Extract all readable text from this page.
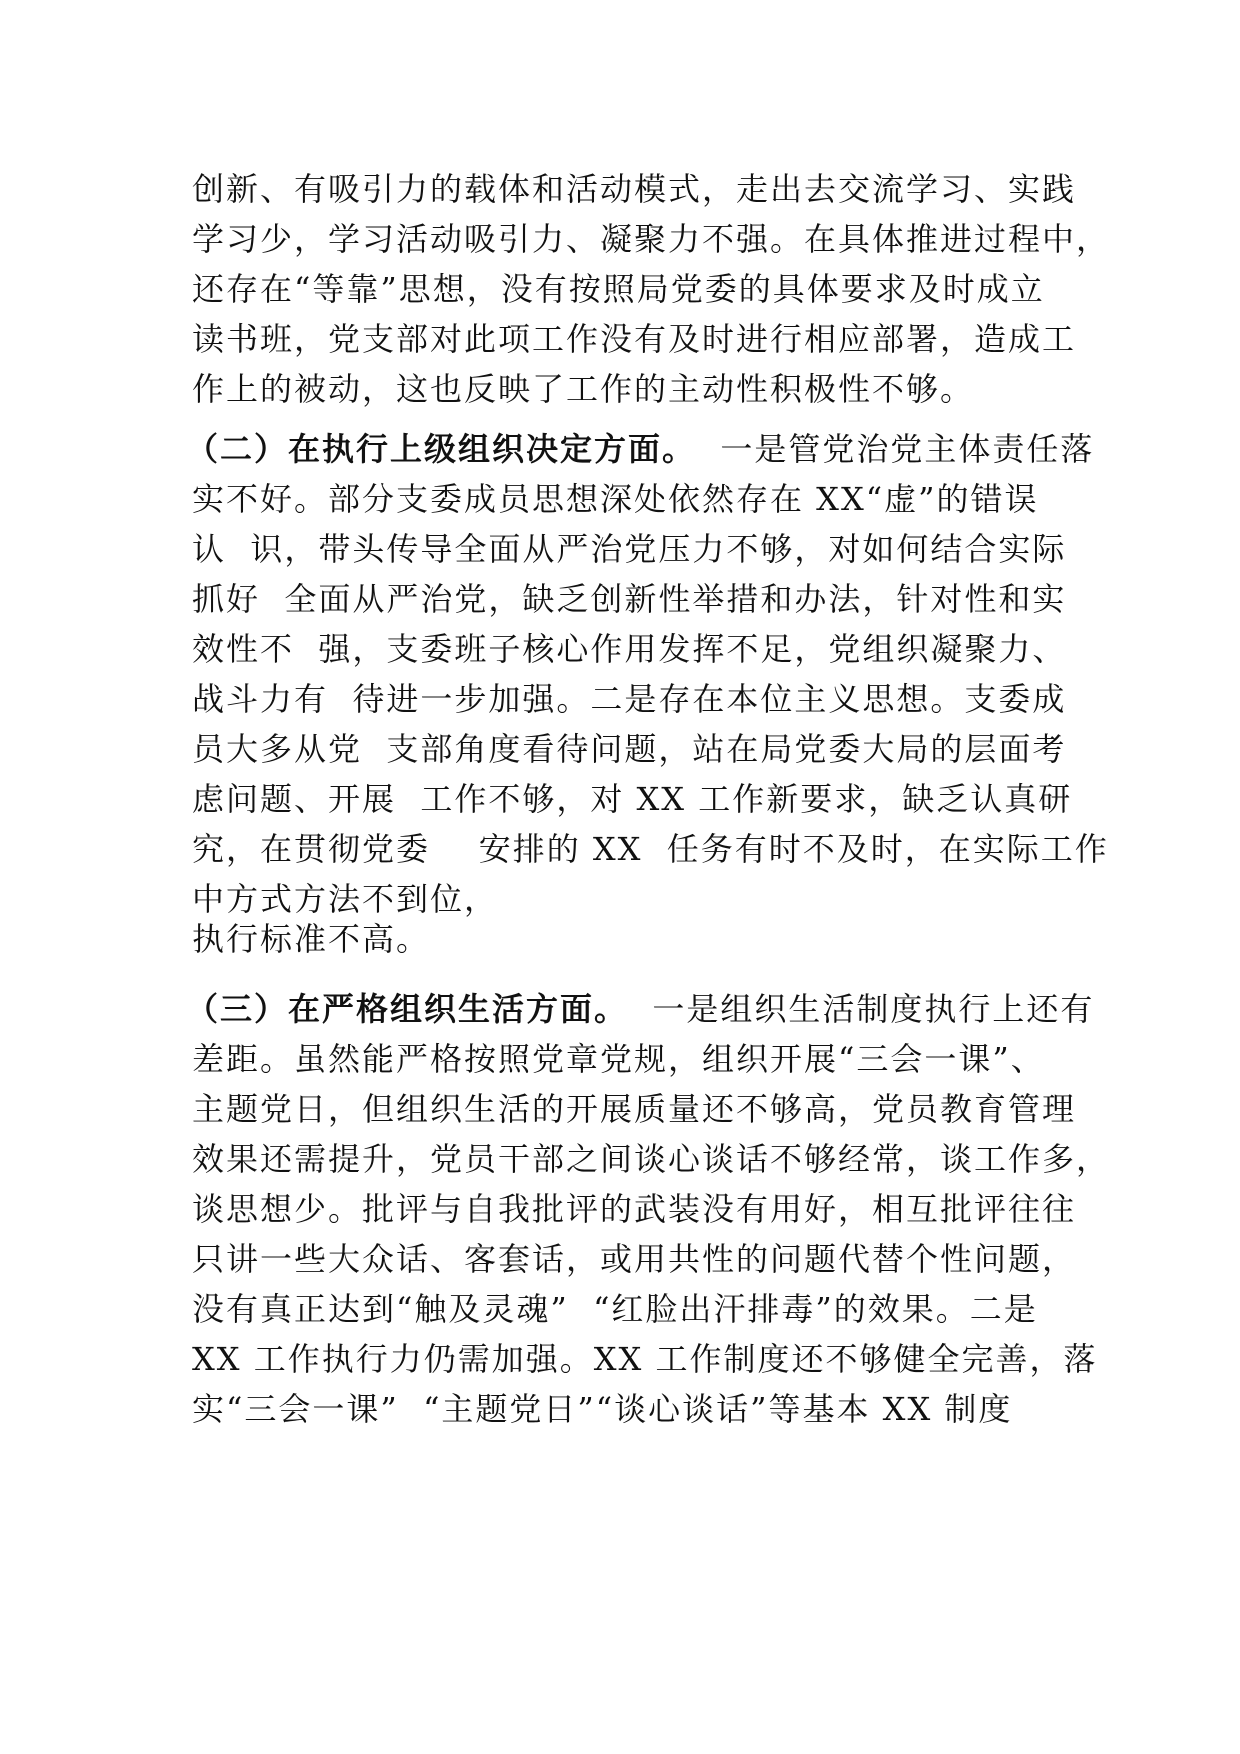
创新、有吸引力的载体和活动模式，走出去交流学习、实践

学习少，学习活动吸引力、凝聚力不强。在具体推进过程中，

还存在“等靠”思想，没有按照局党委的具体要求及时成立

读书班，党支部对此项工作没有及时进行相应部署，造成工

作上的被动，这也反映了工作的主动性积极性不够。

（二）在执行上级组织决定方面。  一是管党治党主体责任落

实不好。部分支委成员思想深处依然存在 XX“虚”的错误

认  识，带头传导全面从严治党压力不够，对如何结合实际

抓好  全面从严治党，缺乏创新性举措和办法，针对性和实

效性不  强，支委班子核心作用发挥不足，党组织凝聚力、

战斗力有  待进一步加强。二是存在本位主义思想。支委成

员大多从党  支部角度看待问题，站在局党委大局的层面考

虑问题、开展  工作不够，对 XX 工作新要求，缺乏认真研

究，在贯彻党委    安排的 XX  任务有时不及时，在实际工作

中方式方法不到位，

执行标准不高。

（三）在严格组织生活方面。  一是组织生活制度执行上还有

差距。虽然能严格按照党章党规，组织开展“三会一课”、

主题党日，但组织生活的开展质量还不够高，党员教育管理

效果还需提升，党员干部之间谈心谈话不够经常，谈工作多，

谈思想少。批评与自我批评的武装没有用好，相互批评往往

只讲一些大众话、客套话，或用共性的问题代替个性问题，

没有真正达到“触及灵魂”  “红脸出汗排毒”的效果。二是

XX 工作执行力仍需加强。XX 工作制度还不够健全完善，落

实“三会一课”  “主题党日”“谈心谈话”等基本 XX 制度
